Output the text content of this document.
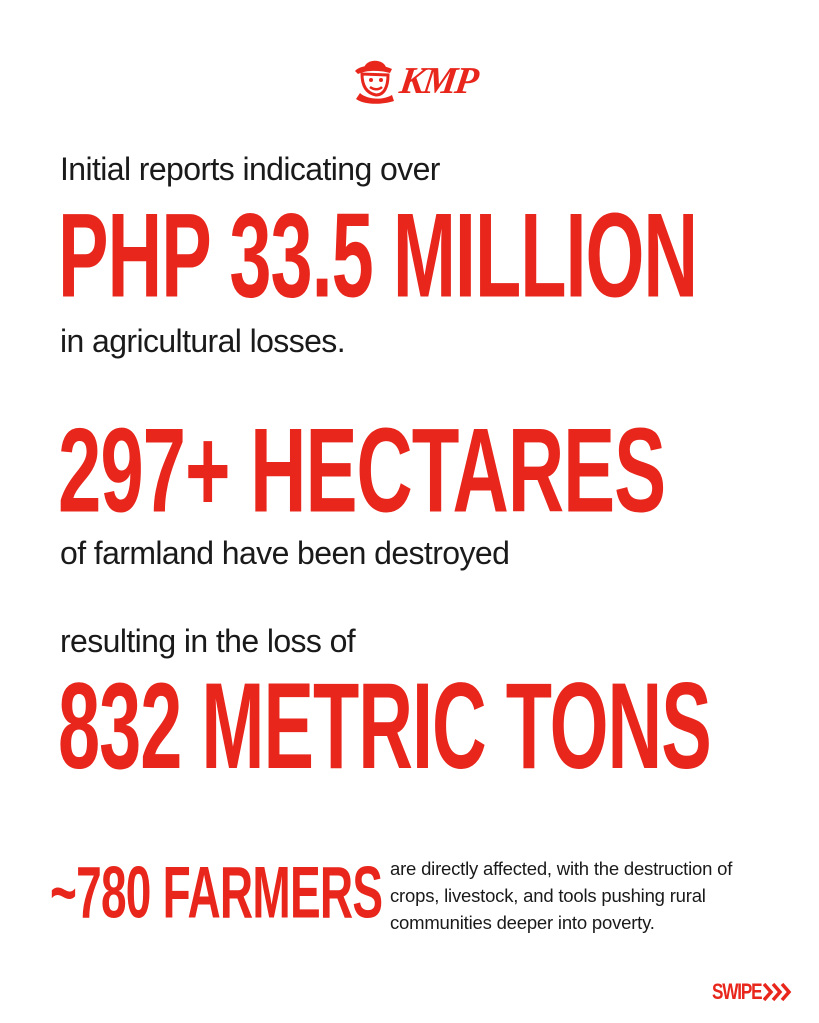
KMP
Initial reports indicating over
PHP 33.5 MILLION
in agricultural losses.
297+ HECTARES
of farmland have been destroyed
resulting in the loss of
832 METRIC TONS
~780 FARMERS are directly affected, with the destruction of crops, livestock, and tools pushing rural communities deeper into poverty.
SWIPE
